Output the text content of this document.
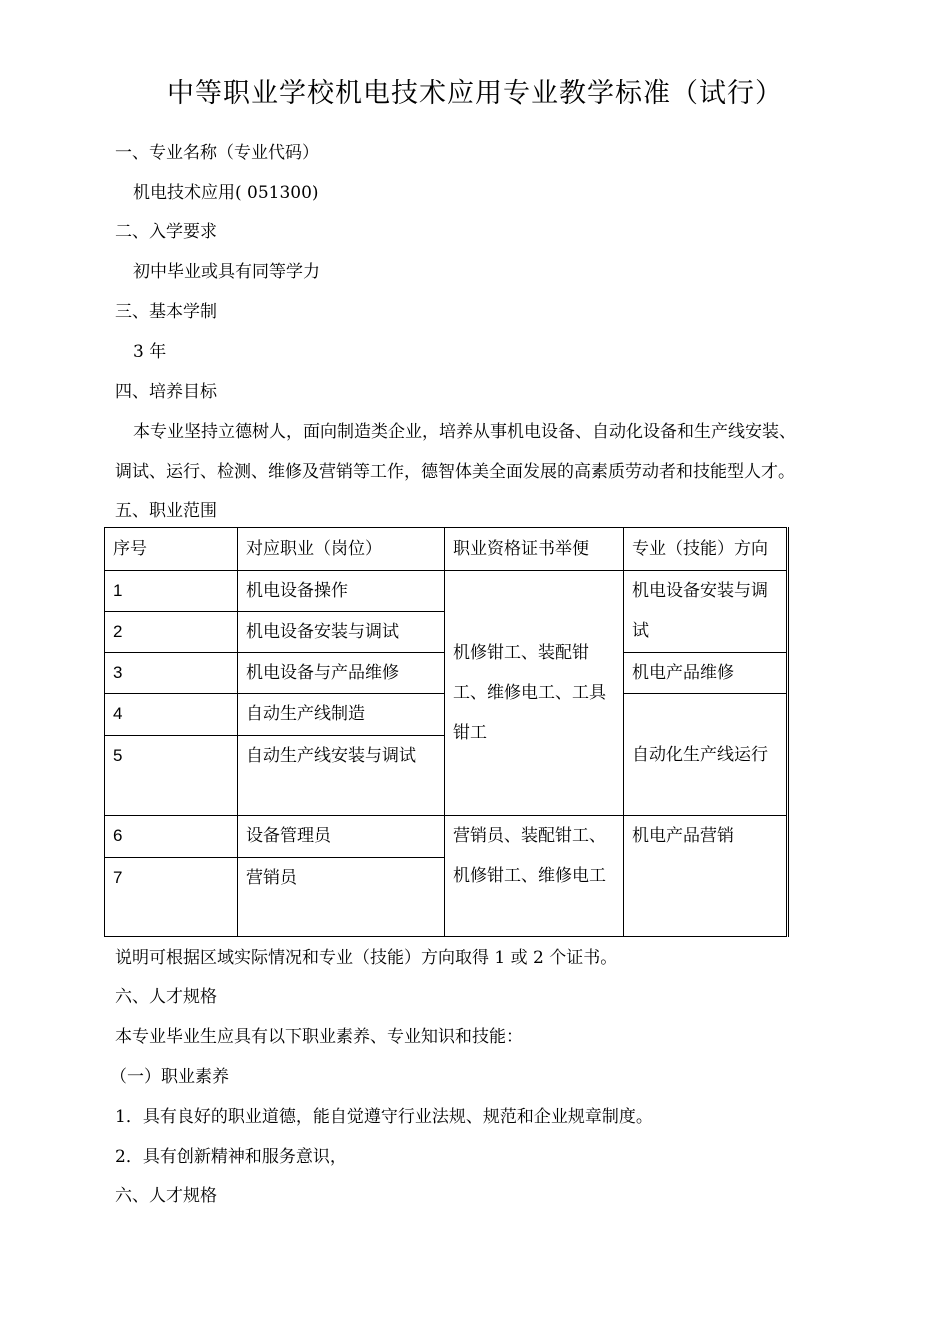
中等职业学校机电技术应用专业教学标准（试行）
一、专业名称（专业代码）
机电技术应用( 051300)
二、入学要求
初中毕业或具有同等学力
三、基本学制
3 年
四、培养目标
本专业坚持立德树人，面向制造类企业，培养从事机电设备、自动化设备和生产线安装、
调试、运行、检测、维修及营销等工作，德智体美全面发展的高素质劳动者和技能型人才。
五、职业范围
序号	对应职业（岗位）	职业资格证书举便	专业（技能）方向
1	机电设备操作	机修钳工、装配钳工、维修电工、工具钳工	机电设备安装与调试
2	机电设备安装与调试		
3	机电设备与产品维修		机电产品维修
4	自动生产线制造		自动化生产线运行
5	自动生产线安装与调试		
6	设备管理员	营销员、装配钳工、机修钳工、维修电工	机电产品营销
7	营销员		
说明可根据区域实际情况和专业（技能）方向取得 1 或 2 个证书。
六、人才规格
本专业毕业生应具有以下职业素养、专业知识和技能：
（一）职业素养
1．具有良好的职业道德，能自觉遵守行业法规、规范和企业规章制度。
2．具有创新精神和服务意识，
六、人才规格
